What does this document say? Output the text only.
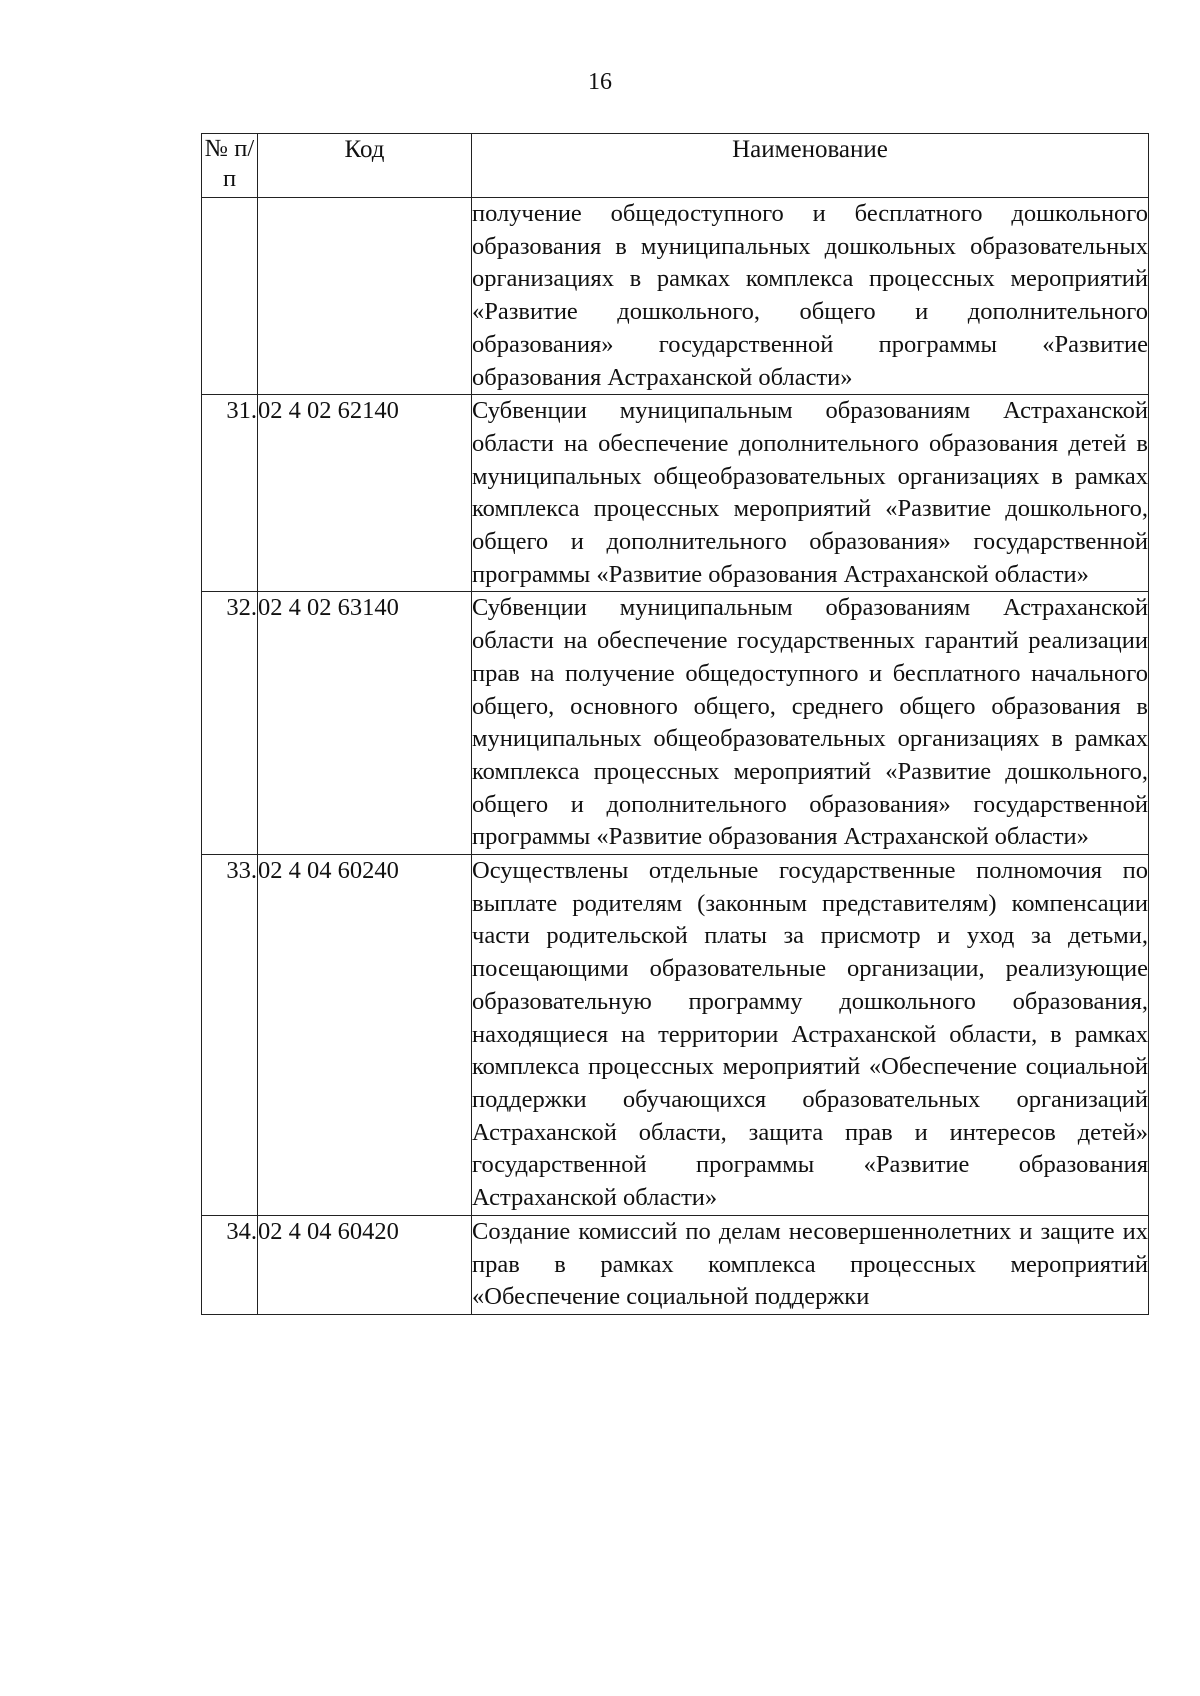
16
№ п/п	Код	Наименование
		получение общедоступного и бесплатного дошкольного образования в муниципальных дошкольных образовательных организациях в рамках комплекса процессных мероприятий «Развитие дошкольного, общего и дополнительного образования» государственной программы «Развитие образования Астраханской области»
31.	02 4 02 62140	Субвенции муниципальным образованиям Астраханской области на обеспечение дополнительного образования детей в муниципальных общеобразовательных организациях в рамках комплекса процессных мероприятий «Развитие дошкольного, общего и дополнительного образования» государственной программы «Развитие образования Астраханской области»
32.	02 4 02 63140	Субвенции муниципальным образованиям Астраханской области на обеспечение государственных гарантий реализации прав на получение общедоступного и бесплатного начального общего, основного общего, среднего общего образования в муниципальных общеобразовательных организациях в рамках комплекса процессных мероприятий «Развитие дошкольного, общего и дополнительного образования» государственной программы «Развитие образования Астраханской области»
33.	02 4 04 60240	Осуществлены отдельные государственные полномочия по выплате родителям (законным представителям) компенсации части родительской платы за присмотр и уход за детьми, посещающими образовательные организации, реализующие образовательную программу дошкольного образования, находящиеся на территории Астраханской области, в рамках комплекса процессных мероприятий «Обеспечение социальной поддержки обучающихся образовательных организаций Астраханской области, защита прав и интересов детей» государственной программы «Развитие образования Астраханской области»
34.	02 4 04 60420	Создание комиссий по делам несовершеннолетних и защите их прав в рамках комплекса процессных мероприятий «Обеспечение социальной поддержки
